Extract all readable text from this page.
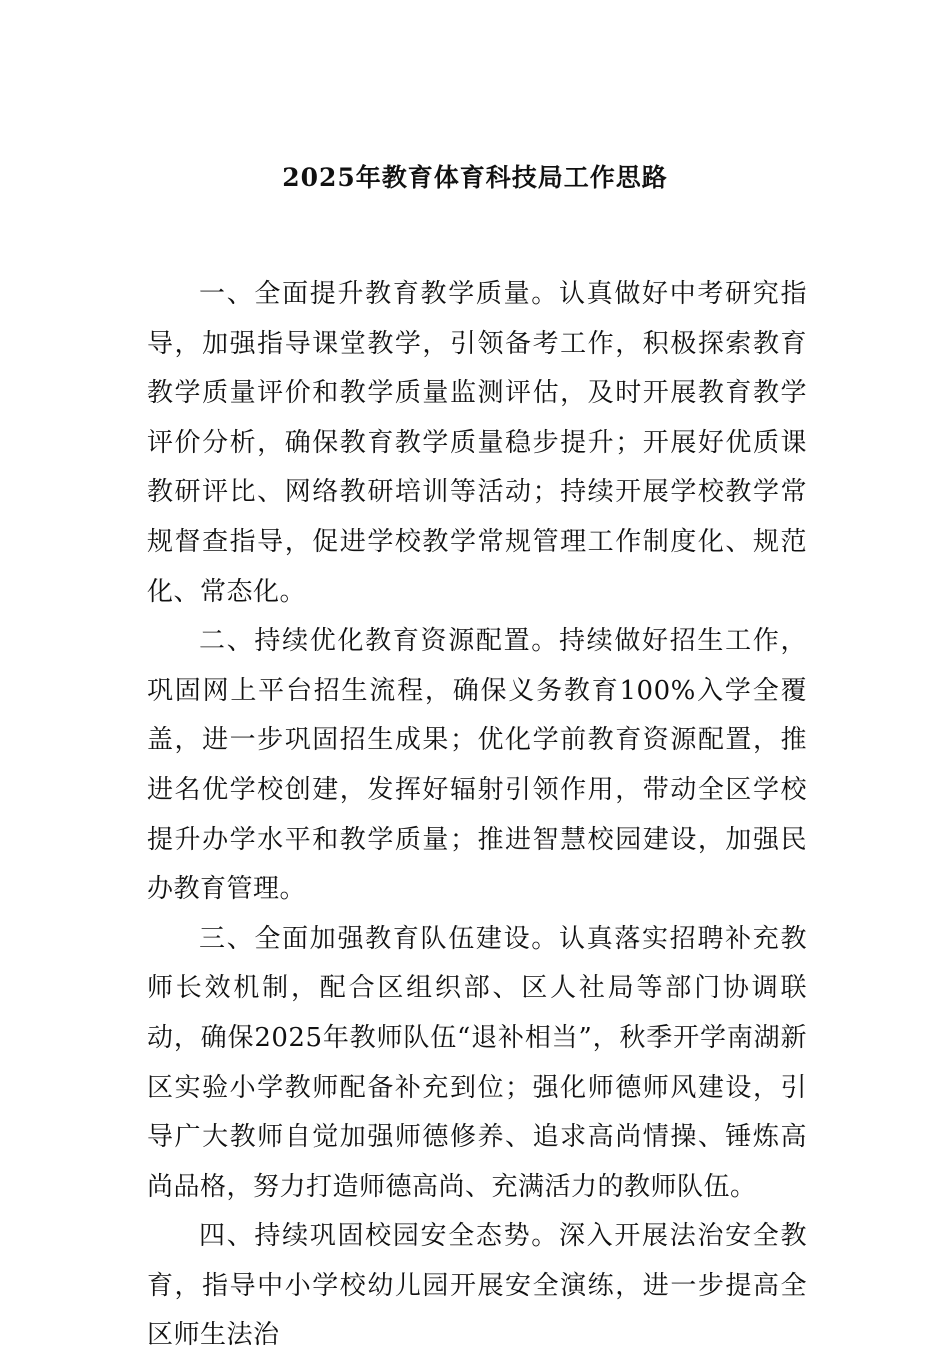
2025年教育体育科技局工作思路

一、全面提升教育教学质量。认真做好中考研究指导，加强指导课堂教学，引领备考工作，积极探索教育教学质量评价和教学质量监测评估，及时开展教育教学评价分析，确保教育教学质量稳步提升；开展好优质课教研评比、网络教研培训等活动；持续开展学校教学常规督查指导，促进学校教学常规管理工作制度化、规范化、常态化。

二、持续优化教育资源配置。持续做好招生工作，巩固网上平台招生流程，确保义务教育100%入学全覆盖，进一步巩固招生成果；优化学前教育资源配置，推进名优学校创建，发挥好辐射引领作用，带动全区学校提升办学水平和教学质量；推进智慧校园建设，加强民办教育管理。

三、全面加强教育队伍建设。认真落实招聘补充教师长效机制，配合区组织部、区人社局等部门协调联动，确保2025年教师队伍“退补相当”，秋季开学南湖新区实验小学教师配备补充到位；强化师德师风建设，引导广大教师自觉加强师德修养、追求高尚情操、锤炼高尚品格，努力打造师德高尚、充满活力的教师队伍。

四、持续巩固校园安全态势。深入开展法治安全教育，指导中小学校幼儿园开展安全演练，进一步提高全区师生法治
